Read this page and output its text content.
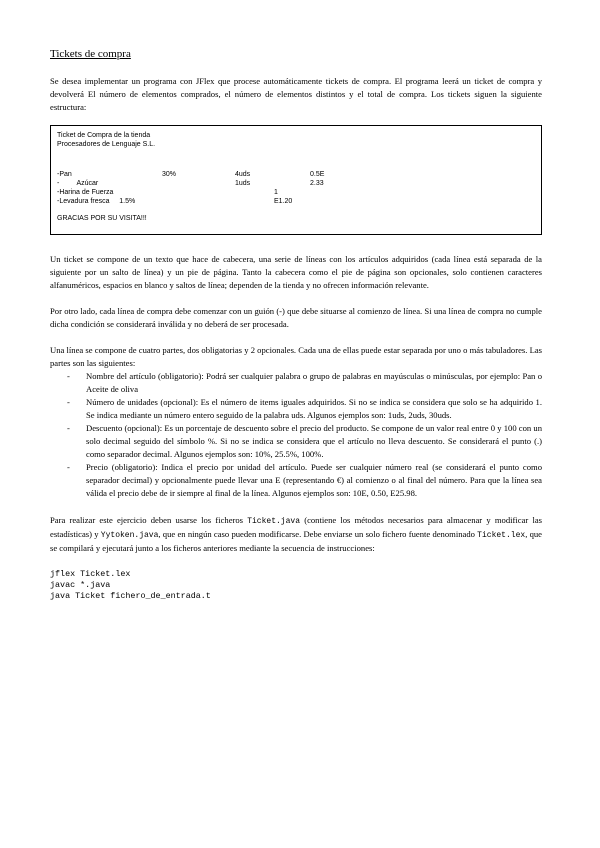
Tickets de compra

Se desea implementar un programa con JFlex que procese automáticamente tickets de compra. El programa leerá un ticket de compra y devolverá El número de elementos comprados, el número de elementos distintos y el total de compra. Los tickets siguen la siguiente estructura:

Ticket de Compra de la tienda
Procesadores de Lenguaje S.L.
-Pan	30%	4uds	0.5E
-         Azúcar	1uds	2.33
-Harina de Fuerza	1
-Levadura fresca     1.5%	E1.20
GRACIAS POR SU VISITA!!!

Un ticket se compone de un texto que hace de cabecera, una serie de líneas con los artículos adquiridos (cada línea está separada de la siguiente por un salto de línea) y un pie de página. Tanto la cabecera como el pie de página son opcionales, solo contienen caracteres alfanuméricos, espacios en blanco y saltos de línea; dependen de la tienda y no ofrecen información relevante.

Por otro lado, cada línea de compra debe comenzar con un guión (-) que debe situarse al comienzo de línea. Si una línea de compra no cumple dicha condición se considerará inválida y no deberá de ser procesada.

Una línea se compone de cuatro partes, dos obligatorias y 2 opcionales. Cada una de ellas puede estar separada por uno o más tabuladores. Las partes son las siguientes:

- Nombre del artículo (obligatorio): Podrá ser cualquier palabra o grupo de palabras en mayúsculas o minúsculas, por ejemplo: Pan o Aceite de oliva
- Número de unidades (opcional): Es el número de items iguales adquiridos. Si no se indica se considera que solo se ha adquirido 1. Se indica mediante un número entero seguido de la palabra uds. Algunos ejemplos son: 1uds, 2uds, 30uds.
- Descuento (opcional): Es un porcentaje de descuento sobre el precio del producto. Se compone de un valor real entre 0 y 100 con un solo decimal seguido del símbolo %. Si no se indica se considera que el artículo no lleva descuento. Se considerará el punto (.) como separador decimal. Algunos ejemplos son: 10%, 25.5%, 100%.
- Precio (obligatorio): Indica el precio por unidad del artículo. Puede ser cualquier número real (se considerará el punto como separador decimal) y opcionalmente puede llevar una E (representando €) al comienzo o al final del número. Para que la línea sea válida el precio debe de ir siempre al final de la línea. Algunos ejemplos son: 10E, 0.50, E25.98.

Para realizar este ejercicio deben usarse los ficheros Ticket.java (contiene los métodos necesarios para almacenar y modificar las estadísticas) y Yytoken.java, que en ningún caso pueden modificarse. Debe enviarse un solo fichero fuente denominado Ticket.lex, que se compilará y ejecutará junto a los ficheros anteriores mediante la secuencia de instrucciones:

jflex Ticket.lex
javac *.java
java Ticket fichero_de_entrada.t
